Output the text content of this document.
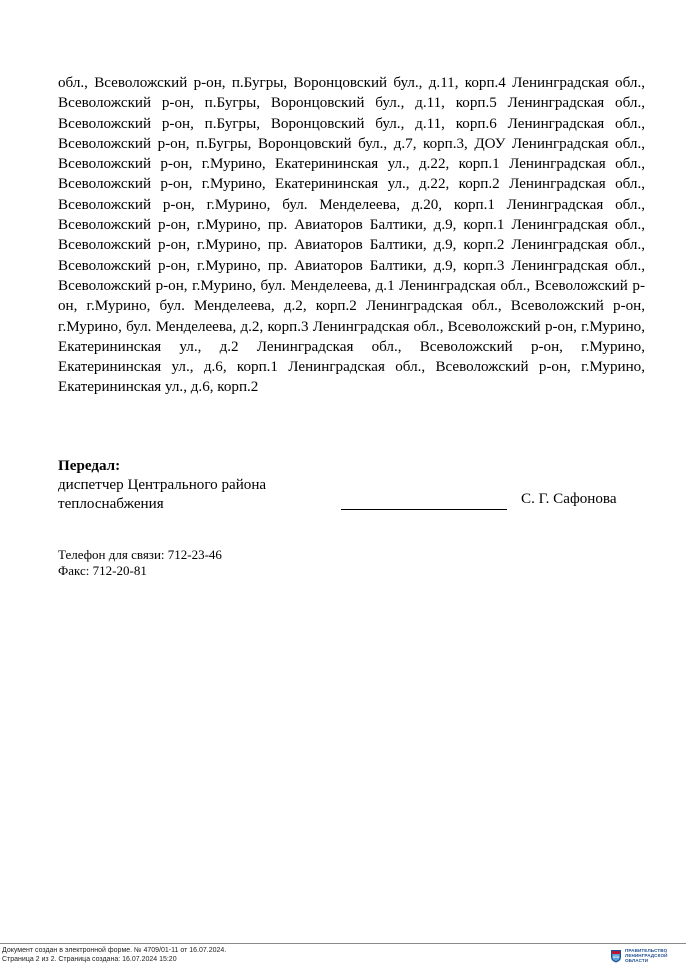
обл., Всеволожский р-он, п.Бугры, Воронцовский бул., д.11, корп.4 Ленинградская обл., Всеволожский р-он, п.Бугры, Воронцовский бул., д.11, корп.5 Ленинградская обл., Всеволожский р-он, п.Бугры, Воронцовский бул., д.11, корп.6 Ленинградская обл., Всеволожский р-он, п.Бугры, Воронцовский бул., д.7, корп.3, ДОУ Ленинградская обл., Всеволожский р-он, г.Мурино, Екатерининская ул., д.22, корп.1 Ленинградская обл., Всеволожский р-он, г.Мурино, Екатерининская ул., д.22, корп.2 Ленинградская обл., Всеволожский р-он, г.Мурино, бул. Менделеева, д.20, корп.1 Ленинградская обл., Всеволожский р-он, г.Мурино, пр. Авиаторов Балтики, д.9, корп.1 Ленинградская обл., Всеволожский р-он, г.Мурино, пр. Авиаторов Балтики, д.9, корп.2 Ленинградская обл., Всеволожский р-он, г.Мурино, пр. Авиаторов Балтики, д.9, корп.3 Ленинградская обл., Всеволожский р-он, г.Мурино, бул. Менделеева, д.1 Ленинградская обл., Всеволожский р-он, г.Мурино, бул. Менделеева, д.2, корп.2 Ленинградская обл., Всеволожский р-он, г.Мурино, бул. Менделеева, д.2, корп.3 Ленинградская обл., Всеволожский р-он, г.Мурино, Екатерининская ул., д.2 Ленинградская обл., Всеволожский р-он, г.Мурино, Екатерининская ул., д.6, корп.1 Ленинградская обл., Всеволожский р-он, г.Мурино, Екатерининская ул., д.6, корп.2

Передал:
диспетчер Центрального района
теплоснабжения	С. Г. Сафонова
Телефон для связи: 712-23-46
Факс: 712-20-81
Документ создан в электронной форме. № 4709/01-11 от 16.07.2024.
Страница 2 из 2. Страница создана: 16.07.2024 15:20
ПРАВИТЕЛЬСТВО
ЛЕНИНГРАДСКОЙ
ОБЛАСТИ
